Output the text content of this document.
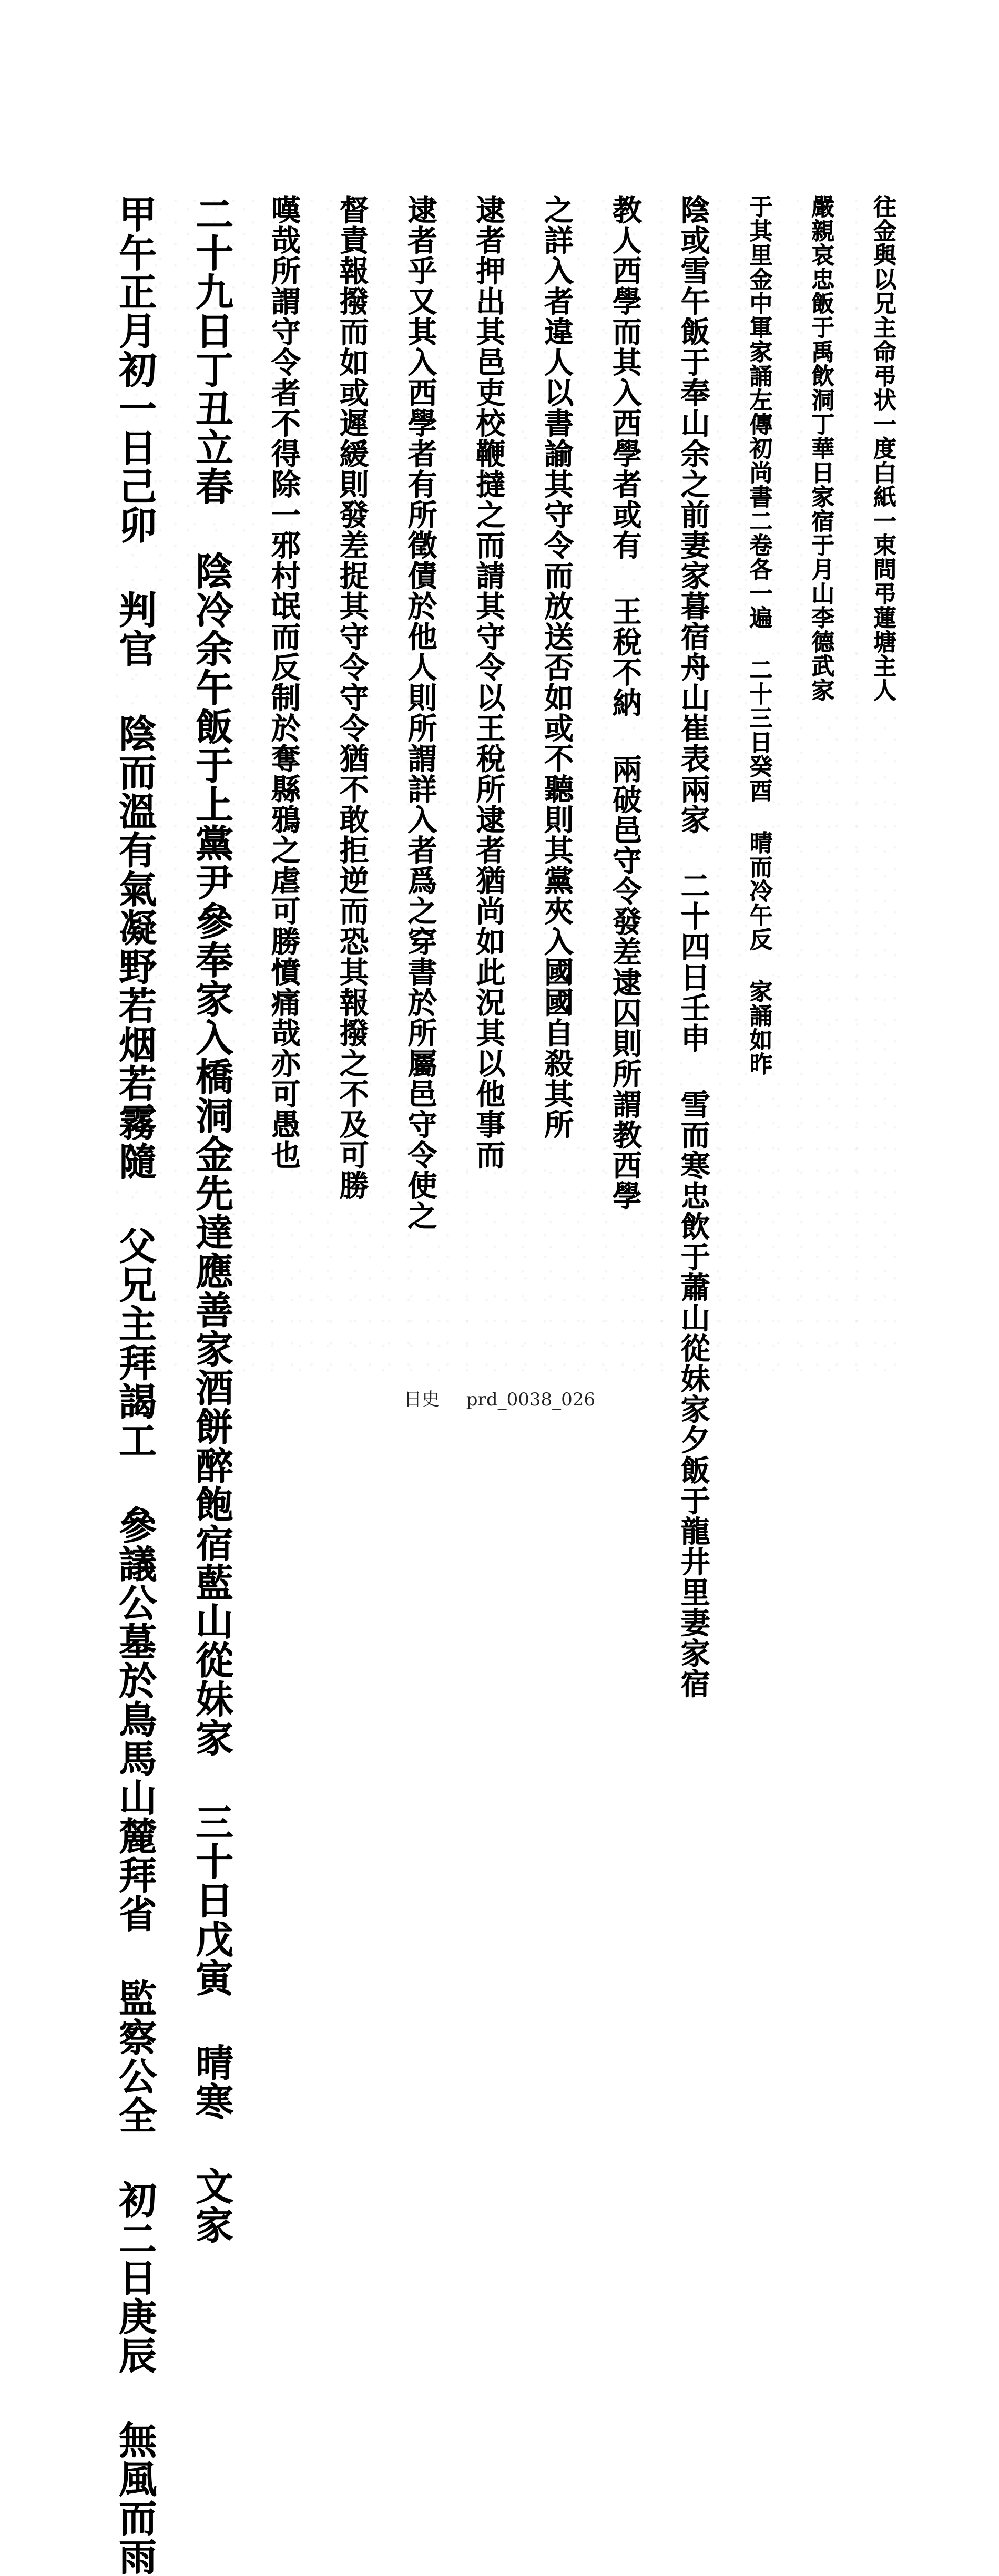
往金與以兄主命弔状一度白紙一束問弔蓮塘主人
嚴親哀忠飯于禹飲洞丁華日家宿于月山李德武家
于其里金中軍家誦左傳初尚書二卷各一遍 二十三日癸酉 晴而冷午反 家誦如昨
陰或雪午飯于奉山余之前妻家暮宿舟山崔表兩家 二十四日壬申 雪而寒忠飲于蕭山從妹家夕飯于龍井里妻家宿
教人西學而其入西學者或有 王稅不納 兩破邑守令發差逮囚則所謂教西學
之詳入者違人以書諭其守令而放送否如或不聽則其黨夾入國國自殺其所
逮者押出其邑吏校鞭撻之而請其守令以王稅所逮者猶尚如此況其以他事而
逮者乎又其入西學者有所徵債於他人則所謂詳入者爲之穿書於所屬邑守令使之
督責報撥而如或遲緩則發差捉其守令守令猶不敢拒逆而恐其報撥之不及可勝
嘆哉所謂守令者不得除一邪村氓而反制於奪縣鴉之虐可勝憤痛哉亦可愚也
二十九日丁丑立春 陰冷余午飯于上黨尹參奉家入橋洞金先達應善家酒餅醉飽宿藍山從妹家 三十日戊寅 晴寒 文家
甲午正月初一日己卯 判官 陰而溫有氣凝野若烟若霧隨 父兄主拜謁工 參議公墓於鳥馬山麓拜省 監察公全 初二日庚辰 無風而雨	日史 prd_0038_026
